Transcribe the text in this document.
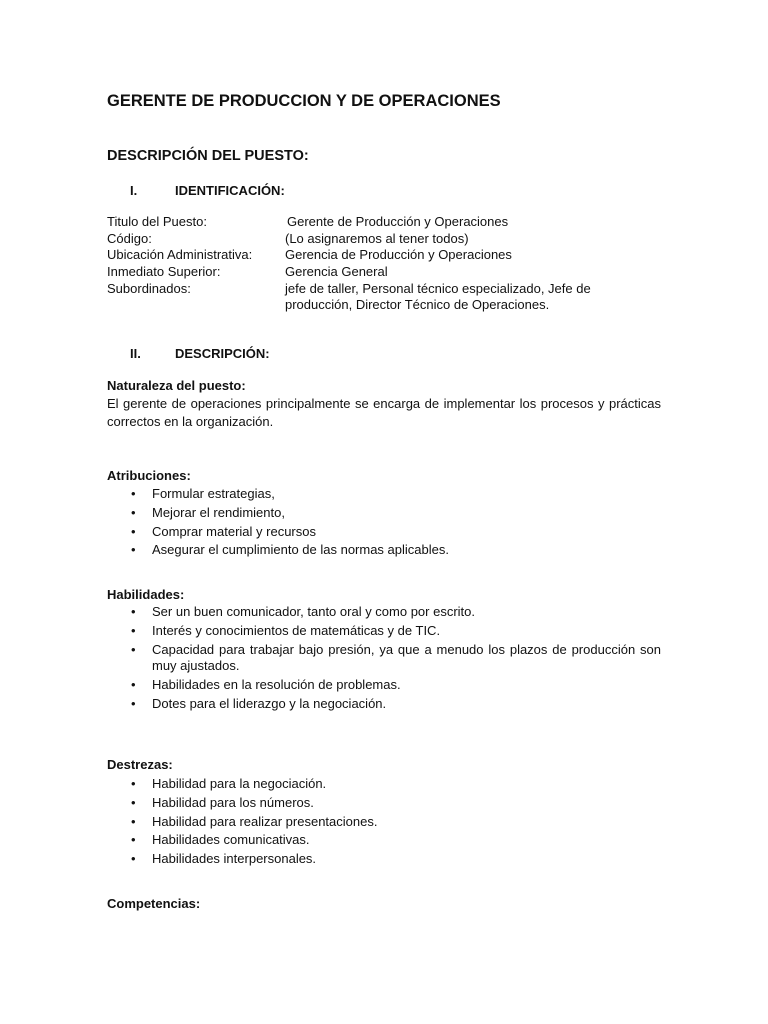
GERENTE DE PRODUCCION Y DE OPERACIONES
DESCRIPCIÓN DEL PUESTO:
I.	IDENTIFICACIÓN:
Titulo del Puesto:	Gerente de Producción y Operaciones
Código:	(Lo asignaremos al tener todos)
Ubicación Administrativa:	Gerencia de Producción y Operaciones
Inmediato Superior:	Gerencia General
Subordinados:	jefe de taller, Personal técnico especializado, Jefe de
producción, Director Técnico de Operaciones.
II.	DESCRIPCIÓN:
Naturaleza del puesto:
El gerente de operaciones principalmente se encarga de implementar los procesos y prácticas correctos en la organización.
Atribuciones:
• Formular estrategias,
• Mejorar el rendimiento,
• Comprar material y recursos
• Asegurar el cumplimiento de las normas aplicables.
Habilidades:
• Ser un buen comunicador, tanto oral y como por escrito.
• Interés y conocimientos de matemáticas y de TIC.
• Capacidad para trabajar bajo presión, ya que a menudo los plazos de producción son muy ajustados.
• Habilidades en la resolución de problemas.
• Dotes para el liderazgo y la negociación.
Destrezas:
• Habilidad para la negociación.
• Habilidad para los números.
• Habilidad para realizar presentaciones.
• Habilidades comunicativas.
• Habilidades interpersonales.
Competencias:
